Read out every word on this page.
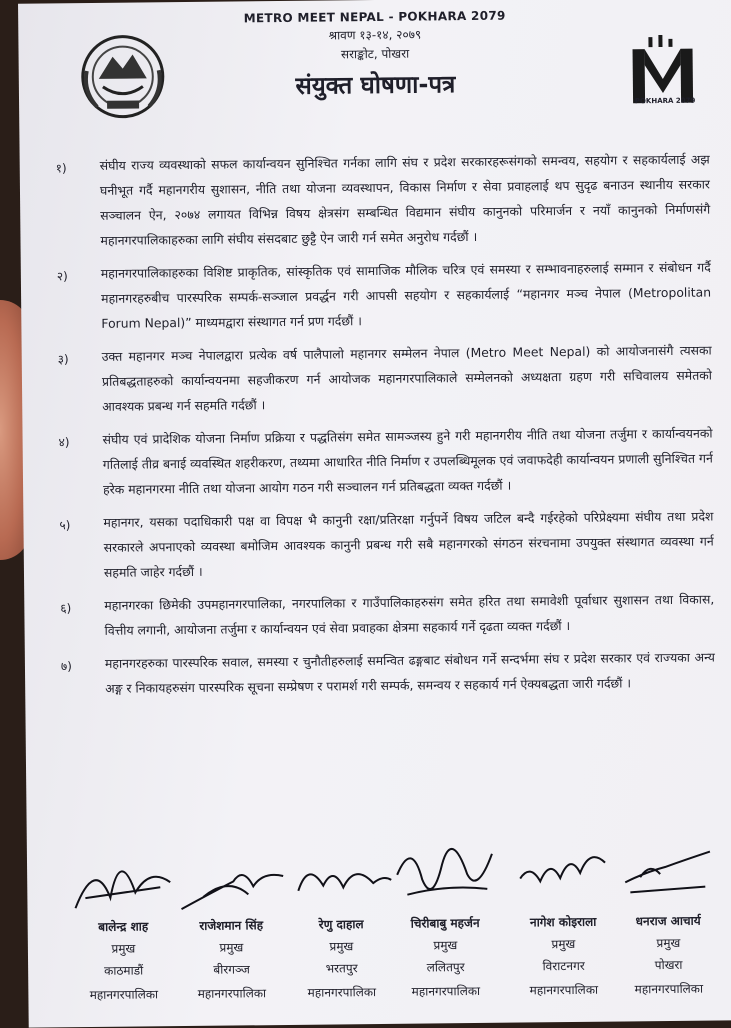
METRO MEET NEPAL - POKHARA 2079
श्रावण १३-१४, २०७९
सराङ्कोट, पोखरा
संयुक्त घोषणा-पत्र
POKHARA 2079
१)	संघीय राज्य व्यवस्थाको सफल कार्यान्वयन सुनिश्चित गर्नका लागि संघ र प्रदेश सरकारहरूसंगको समन्वय, सहयोग र सहकार्यलाई अझ घनीभूत गर्दै महानगरीय सुशासन, नीति तथा योजना व्यवस्थापन, विकास निर्माण र सेवा प्रवाहलाई थप सुदृढ बनाउन स्थानीय सरकार सञ्चालन ऐन, २०७४ लगायत विभिन्न विषय क्षेत्रसंग सम्बन्धित विद्यमान संघीय कानुनको परिमार्जन र नयाँ कानुनको निर्माणसंगै महानगरपालिकाहरुका लागि संघीय संसदबाट छुट्टै ऐन जारी गर्न समेत अनुरोध गर्दछौं ।
२)	महानगरपालिकाहरुका विशिष्ट प्राकृतिक, सांस्कृतिक एवं सामाजिक मौलिक चरित्र एवं समस्या र सम्भावनाहरुलाई सम्मान र संबोधन गर्दै महानगरहरुबीच पारस्परिक सम्पर्क-सञ्जाल प्रवर्द्धन गरी आपसी सहयोग र सहकार्यलाई “महानगर मञ्च नेपाल (Metropolitan Forum Nepal)” माध्यमद्वारा संस्थागत गर्न प्रण गर्दछौं ।
३)	उक्त महानगर मञ्च नेपालद्वारा प्रत्येक वर्ष पालैपालो महानगर सम्मेलन नेपाल (Metro Meet Nepal) को आयोजनासंगै त्यसका प्रतिबद्धताहरुको कार्यान्वयनमा सहजीकरण गर्न आयोजक महानगरपालिकाले सम्मेलनको अध्यक्षता ग्रहण गरी सचिवालय समेतको आवश्यक प्रबन्ध गर्न सहमति गर्दछौं ।
४)	संघीय एवं प्रादेशिक योजना निर्माण प्रक्रिया र पद्धतिसंग समेत सामञ्जस्य हुने गरी महानगरीय नीति तथा योजना तर्जुमा र कार्यान्वयनको गतिलाई तीव्र बनाई व्यवस्थित शहरीकरण, तथ्यमा आधारित नीति निर्माण र उपलब्धिमूलक एवं जवाफदेही कार्यान्वयन प्रणाली सुनिश्चित गर्न हरेक महानगरमा नीति तथा योजना आयोग गठन गरी सञ्चालन गर्न प्रतिबद्धता व्यक्त गर्दछौं ।
५)	महानगर, यसका पदाधिकारी पक्ष वा विपक्ष भै कानुनी रक्षा/प्रतिरक्षा गर्नुपर्ने विषय जटिल बन्दै गईरहेको परिप्रेक्ष्यमा संघीय तथा प्रदेश सरकारले अपनाएको व्यवस्था बमोजिम आवश्यक कानुनी प्रबन्ध गरी सबै महानगरको संगठन संरचनामा उपयुक्त संस्थागत व्यवस्था गर्न सहमति जाहेर गर्दछौं ।
६)	महानगरका छिमेकी उपमहानगरपालिका, नगरपालिका र गाउँपालिकाहरुसंग समेत हरित तथा समावेशी पूर्वाधार सुशासन तथा विकास, वित्तीय लगानी, आयोजना तर्जुमा र कार्यान्वयन एवं सेवा प्रवाहका क्षेत्रमा सहकार्य गर्ने दृढता व्यक्त गर्दछौं ।
७)	महानगरहरुका पारस्परिक सवाल, समस्या र चुनौतीहरुलाई समन्वित ढङ्गबाट संबोधन गर्ने सन्दर्भमा संघ र प्रदेश सरकार एवं राज्यका अन्य अङ्ग र निकायहरुसंग पारस्परिक सूचना सम्प्रेषण र परामर्श गरी सम्पर्क, समन्वय र सहकार्य गर्न ऐक्यबद्धता जारी गर्दछौं ।
बालेन्द्र शाह
प्रमुख
काठमाडौं
महानगरपालिका
राजेशमान सिंह
प्रमुख
बीरगञ्ज
महानगरपालिका
रेणु दाहाल
प्रमुख
भरतपुर
महानगरपालिका
चिरीबाबु महर्जन
प्रमुख
ललितपुर
महानगरपालिका
नागेश कोइराला
प्रमुख
विराटनगर
महानगरपालिका
धनराज आचार्य
प्रमुख
पोखरा
महानगरपालिका
